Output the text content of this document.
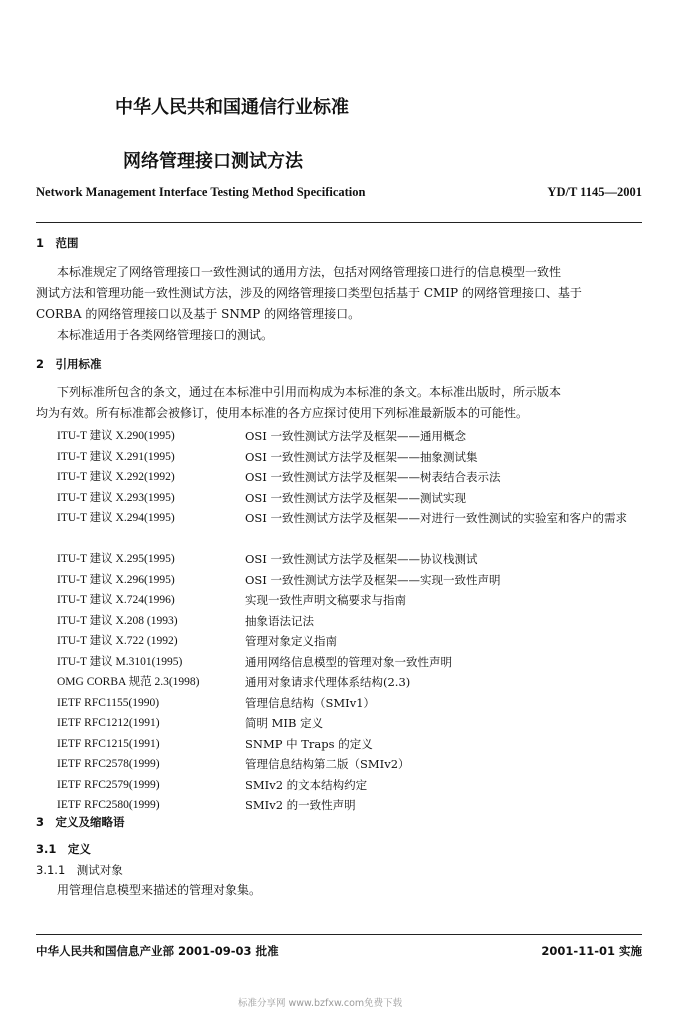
中华人民共和国通信行业标准
网络管理接口测试方法
Network Management Interface Testing Method Specification	YD/T 1145—2001
1　范围
本标准规定了网络管理接口一致性测试的通用方法，包括对网络管理接口进行的信息模型一致性
测试方法和管理功能一致性测试方法，涉及的网络管理接口类型包括基于 CMIP 的网络管理接口、基于
CORBA 的网络管理接口以及基于 SNMP 的网络管理接口。
本标准适用于各类网络管理接口的测试。
2　引用标准
下列标准所包含的条文，通过在本标准中引用而构成为本标准的条文。本标准出版时，所示版本
均为有效。所有标准都会被修订，使用本标准的各方应探讨使用下列标准最新版本的可能性。
ITU-T 建议 X.290(1995)	OSI 一致性测试方法学及框架——通用概念
ITU-T 建议 X.291(1995)	OSI 一致性测试方法学及框架——抽象测试集
ITU-T 建议 X.292(1992)	OSI 一致性测试方法学及框架——树表结合表示法
ITU-T 建议 X.293(1995)	OSI 一致性测试方法学及框架——测试实现
ITU-T 建议 X.294(1995)	OSI 一致性测试方法学及框架——对进行一致性测试的实验室和客户的需求
ITU-T 建议 X.295(1995)	OSI 一致性测试方法学及框架——协议栈测试
ITU-T 建议 X.296(1995)	OSI 一致性测试方法学及框架——实现一致性声明
ITU-T 建议 X.724(1996)	实现一致性声明文稿要求与指南
ITU-T 建议 X.208 (1993)	抽象语法记法
ITU-T 建议 X.722 (1992)	管理对象定义指南
ITU-T 建议 M.3101(1995)	通用网络信息模型的管理对象一致性声明
OMG CORBA 规范 2.3(1998)	通用对象请求代理体系结构(2.3)
IETF RFC1155(1990)	管理信息结构（SMIv1）
IETF RFC1212(1991)	简明 MIB 定义
IETF RFC1215(1991)	SNMP 中 Traps 的定义
IETF RFC2578(1999)	管理信息结构第二版（SMIv2）
IETF RFC2579(1999)	SMIv2 的文本结构约定
IETF RFC2580(1999)	SMIv2 的一致性声明
3　定义及缩略语
3.1　定义
3.1.1　测试对象
用管理信息模型来描述的管理对象集。
中华人民共和国信息产业部 2001-09-03 批准	2001-11-01 实施
标准分享网 www.bzfxw.com免费下载
